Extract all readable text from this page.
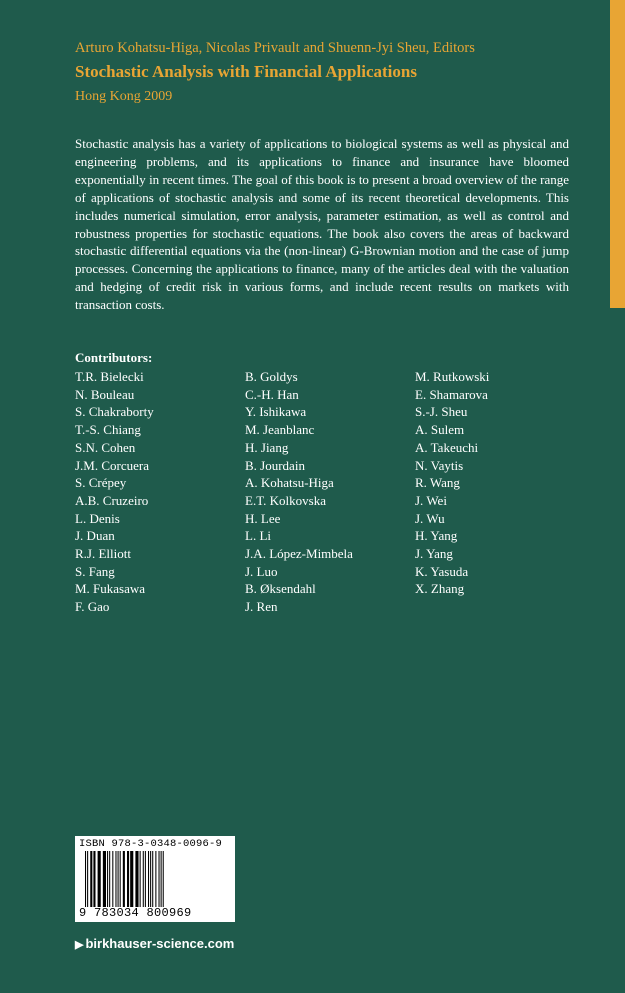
Arturo Kohatsu-Higa, Nicolas Privault and Shuenn-Jyi Sheu, Editors
Stochastic Analysis with Financial Applications
Hong Kong 2009

Stochastic analysis has a variety of applications to biological systems as well as physical and engineering problems, and its applications to finance and insurance have bloomed exponentially in recent times. The goal of this book is to present a broad overview of the range of applications of stochastic analysis and some of its recent theoretical developments. This includes numerical simulation, error analysis, parameter estimation, as well as control and robustness properties for stochastic equations. The book also covers the areas of backward stochastic differential equations via the (non-linear) G-Brownian motion and the case of jump processes. Concerning the applications to finance, many of the articles deal with the valuation and hedging of credit risk in various forms, and include recent results on markets with transaction costs.

Contributors:
T.R. Bielecki
N. Bouleau
S. Chakraborty
T.-S. Chiang
S.N. Cohen
J.M. Corcuera
S. Crépey
A.B. Cruzeiro
L. Denis
J. Duan
R.J. Elliott
S. Fang
M. Fukasawa
F. Gao
B. Goldys
C.-H. Han
Y. Ishikawa
M. Jeanblanc
H. Jiang
B. Jourdain
A. Kohatsu-Higa
E.T. Kolkovska
H. Lee
L. Li
J.A. López-Mimbela
J. Luo
B. Øksendahl
J. Ren
M. Rutkowski
E. Shamarova
S.-J. Sheu
A. Sulem
A. Takeuchi
N. Vaytis
R. Wang
J. Wei
J. Wu
H. Yang
J. Yang
K. Yasuda
X. Zhang
ISBN 978-3-0348-0096-9
9 783034 800969
▶ birkhauser-science.com
